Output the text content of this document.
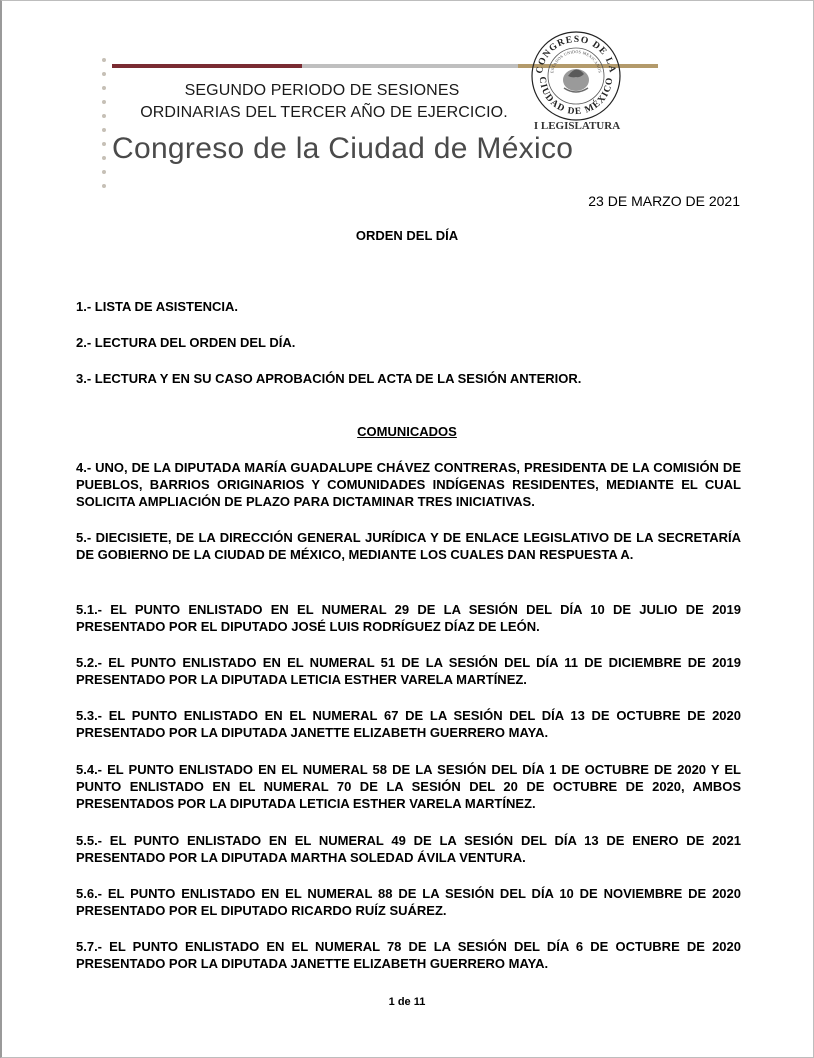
SEGUNDO PERIODO DE SESIONES
ORDINARIAS DEL TERCER AÑO DE EJERCICIO.
Congreso de la Ciudad de México
CONGRESO DE LA
CIUDAD DE MÉXICO
ESTADOS UNIDOS MEXICANOS
I LEGISLATURA
23 DE MARZO DE 2021
ORDEN DEL DÍA
1.- LISTA DE ASISTENCIA.
2.- LECTURA DEL ORDEN DEL DÍA.
3.- LECTURA Y EN SU CASO APROBACIÓN DEL ACTA DE LA SESIÓN ANTERIOR.
COMUNICADOS
4.- UNO, DE LA DIPUTADA MARÍA GUADALUPE CHÁVEZ CONTRERAS, PRESIDENTA DE LA COMISIÓN DE PUEBLOS, BARRIOS ORIGINARIOS Y COMUNIDADES INDÍGENAS RESIDENTES, MEDIANTE EL CUAL SOLICITA AMPLIACIÓN DE PLAZO PARA DICTAMINAR TRES INICIATIVAS.
5.- DIECISIETE, DE LA DIRECCIÓN GENERAL JURÍDICA Y DE ENLACE LEGISLATIVO DE LA SECRETARÍA DE GOBIERNO DE LA CIUDAD DE MÉXICO, MEDIANTE LOS CUALES DAN RESPUESTA A.
5.1.- EL PUNTO ENLISTADO EN EL NUMERAL 29 DE LA SESIÓN DEL DÍA 10 DE JULIO DE 2019 PRESENTADO POR EL DIPUTADO JOSÉ LUIS RODRÍGUEZ DÍAZ DE LEÓN.
5.2.- EL PUNTO ENLISTADO EN EL NUMERAL 51 DE LA SESIÓN DEL DÍA 11 DE DICIEMBRE DE 2019 PRESENTADO POR LA DIPUTADA LETICIA ESTHER VARELA MARTÍNEZ.
5.3.- EL PUNTO ENLISTADO EN EL NUMERAL 67 DE LA SESIÓN DEL DÍA 13 DE OCTUBRE DE 2020 PRESENTADO POR LA DIPUTADA JANETTE ELIZABETH GUERRERO MAYA.
5.4.- EL PUNTO ENLISTADO EN EL NUMERAL 58 DE LA SESIÓN DEL DÍA 1 DE OCTUBRE DE 2020 Y EL PUNTO ENLISTADO EN EL NUMERAL 70 DE LA SESIÓN DEL 20 DE OCTUBRE DE 2020, AMBOS PRESENTADOS POR LA DIPUTADA LETICIA ESTHER VARELA MARTÍNEZ.
5.5.- EL PUNTO ENLISTADO EN EL NUMERAL 49 DE LA SESIÓN DEL DÍA 13 DE ENERO DE 2021 PRESENTADO POR LA DIPUTADA MARTHA SOLEDAD ÁVILA VENTURA.
5.6.- EL PUNTO ENLISTADO EN EL NUMERAL 88 DE LA SESIÓN DEL DÍA 10 DE NOVIEMBRE DE 2020 PRESENTADO POR EL DIPUTADO RICARDO RUÍZ SUÁREZ.
5.7.- EL PUNTO ENLISTADO EN EL NUMERAL 78 DE LA SESIÓN DEL DÍA 6 DE OCTUBRE DE 2020 PRESENTADO POR LA DIPUTADA JANETTE ELIZABETH GUERRERO MAYA.
1 de 11
